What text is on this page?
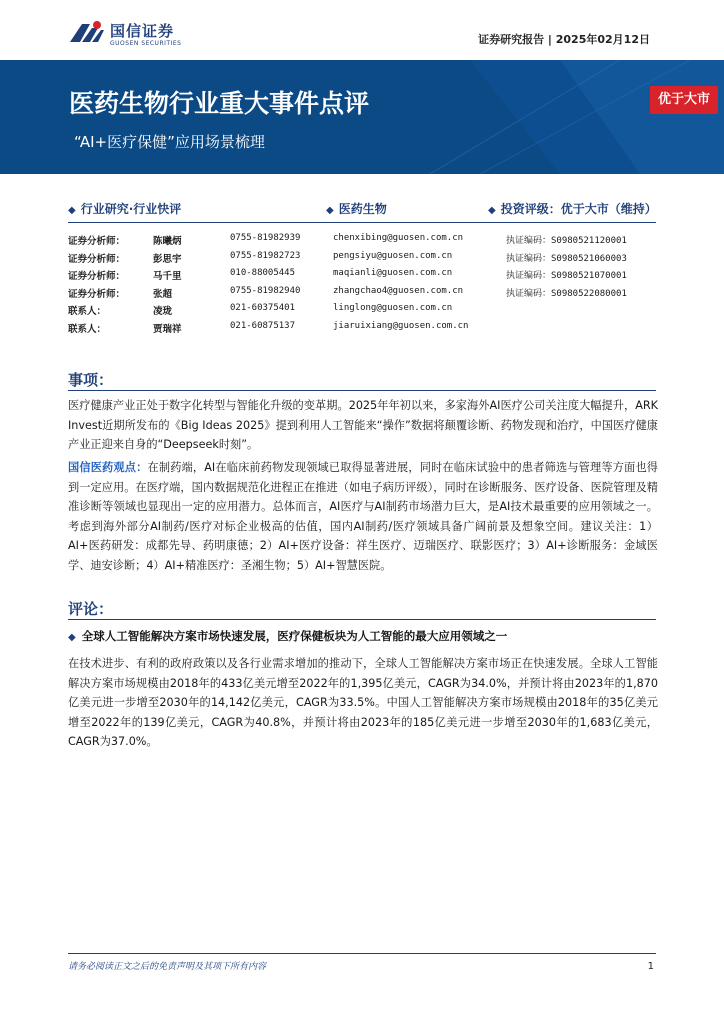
国信证券
GUOSEN SECURITIES	证券研究报告 | 2025年02月12日
医药生物行业重大事件点评
“AI+医疗保健”应用场景梳理
优于大市
◆ 行业研究·行业快评	◆ 医药生物	◆ 投资评级：优于大市（维持）
证券分析师：	陈曦炳	0755-81982939	chenxibing@guosen.com.cn	执证编码：S0980521120001
证券分析师：	彭思宇	0755-81982723	pengsiyu@guosen.com.cn	执证编码：S0980521060003
证券分析师：	马千里	010-88005445	maqianli@guosen.com.cn	执证编码：S0980521070001
证券分析师：	张超	0755-81982940	zhangchao4@guosen.com.cn	执证编码：S0980522080001
联系人：	凌珑	021-60375401	linglong@guosen.com.cn
联系人：	贾瑞祥	021-60875137	jiaruixiang@guosen.com.cn
事项：
医疗健康产业正处于数字化转型与智能化升级的变革期。2025年年初以来，多家海外AI医疗公司关注度大幅提升，ARK Invest近期所发布的《Big Ideas 2025》提到利用人工智能来“操作”数据将颠覆诊断、药物发现和治疗，中国医疗健康产业正迎来自身的“Deepseek时刻”。
国信医药观点：在制药端，AI在临床前药物发现领域已取得显著进展，同时在临床试验中的患者筛选与管理等方面也得到一定应用。在医疗端，国内数据规范化进程正在推进（如电子病历评级），同时在诊断服务、医疗设备、医院管理及精准诊断等领域也显现出一定的应用潜力。总体而言，AI医疗与AI制药市场潜力巨大，是AI技术最重要的应用领域之一。考虑到海外部分AI制药/医疗对标企业极高的估值，国内AI制药/医疗领域具备广阔前景及想象空间。建议关注：1）AI+医药研发：成都先导、药明康德；2）AI+医疗设备：祥生医疗、迈瑞医疗、联影医疗；3）AI+诊断服务：金域医学、迪安诊断；4）AI+精准医疗：圣湘生物；5）AI+智慧医院。
评论：
◆ 全球人工智能解决方案市场快速发展，医疗保健板块为人工智能的最大应用领域之一
在技术进步、有利的政府政策以及各行业需求增加的推动下，全球人工智能解决方案市场正在快速发展。全球人工智能解决方案市场规模由2018年的433亿美元增至2022年的1,395亿美元，CAGR为34.0%，并预计将由2023年的1,870亿美元进一步增至2030年的14,142亿美元，CAGR为33.5%。中国人工智能解决方案市场规模由2018年的35亿美元增至2022年的139亿美元，CAGR为40.8%，并预计将由2023年的185亿美元进一步增至2030年的1,683亿美元，CAGR为37.0%。
请务必阅读正文之后的免责声明及其项下所有内容	1
